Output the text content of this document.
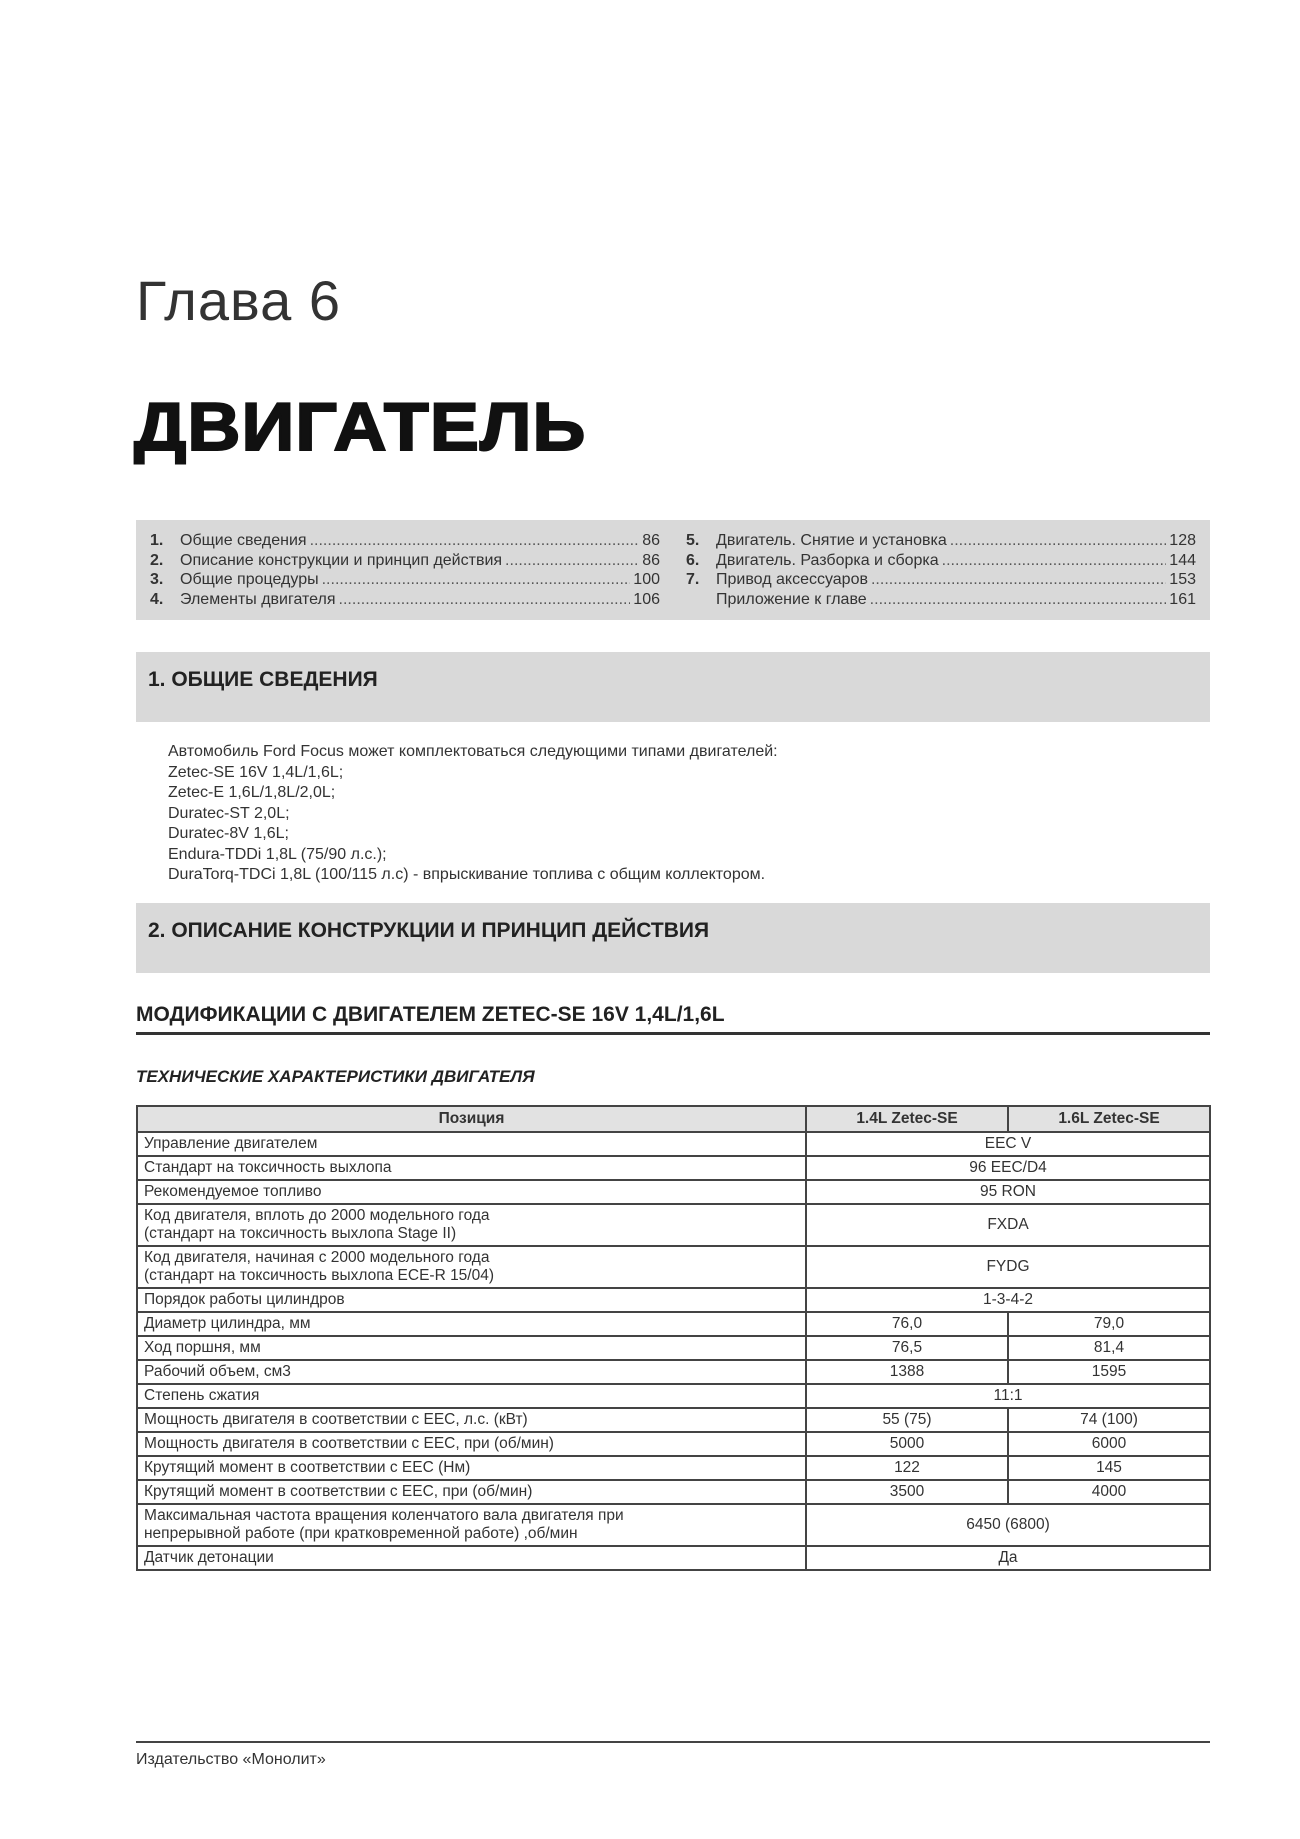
Глава 6
ДВИГАТЕЛЬ
1.	Общие сведения
.....	86
2.	Описание конструкции и принцип действия
.....	86
3.	Общие процедуры
.....	100
4.	Элементы двигателя
.....	106
5.	Двигатель. Снятие и установка
.....	128
6.	Двигатель. Разборка и сборка
.....	144
7.	Привод аксессуаров
.....	153
Приложение к главе
.....	161
1. ОБЩИЕ СВЕДЕНИЯ
Автомобиль Ford Focus может комплектоваться следующими типами двигателей:
Zetec-SE 16V 1,4L/1,6L;
Zetec-E 1,6L/1,8L/2,0L;
Duratec-ST 2,0L;
Duratec-8V 1,6L;
Endura-TDDi 1,8L (75/90 л.с.);
DuraTorq-TDCi 1,8L (100/115 л.с) - впрыскивание топлива с общим коллектором.
2. ОПИСАНИЕ КОНСТРУКЦИИ И ПРИНЦИП ДЕЙСТВИЯ
МОДИФИКАЦИИ С ДВИГАТЕЛЕМ ZETEC-SE 16V 1,4L/1,6L
ТЕХНИЧЕСКИЕ ХАРАКТЕРИСТИКИ ДВИГАТЕЛЯ
Позиция	1.4L Zetec-SE	1.6L Zetec-SE
Управление двигателем	EEC V
Стандарт на токсичность выхлопа	96 EEC/D4
Рекомендуемое топливо	95 RON

Код двигателя, вплоть до 2000 модельного года
(стандарт на токсичность выхлопа Stage II)
	FXDA

Код двигателя, начиная с 2000 модельного года
(стандарт на токсичность выхлопа ECE-R 15/04)
	FYDG
Порядок работы цилиндров	1-3-4-2
Диаметр цилиндра, мм	76,0	79,0
Ход поршня, мм	76,5	81,4
Рабочий объем, см3	1388	1595
Степень сжатия	11:1
Мощность двигателя в соответствии с ЕЕС, л.с. (кВт)	55 (75)	74 (100)
Мощность двигателя в соответствии с ЕЕС, при (об/мин)	5000	6000
Крутящий момент в соответствии с ЕЕС (Нм)	122	145
Крутящий момент в соответствии с ЕЕС, при (об/мин)	3500	4000

Максимальная частота вращения коленчатого вала двигателя при
непрерывной работе (при кратковременной работе) ,об/мин
	6450 (6800)
Датчик детонации	Да
Издательство «Монолит»
